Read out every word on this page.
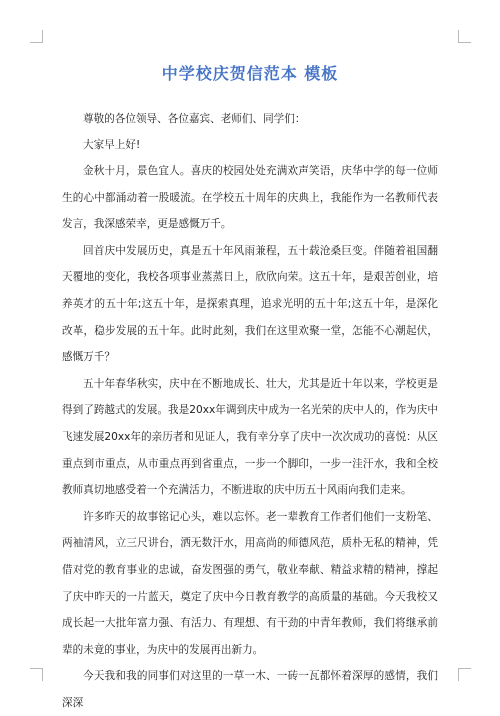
中学校庆贺信范本 模板

尊敬的各位领导、各位嘉宾、老师们、同学们：

大家早上好!

金秋十月，景色宜人。喜庆的校园处处充满欢声笑语，庆华中学的每一位师生的心中都涌动着一股暖流。在学校五十周年的庆典上，我能作为一名教师代表发言，我深感荣幸，更是感慨万千。

回首庆中发展历史，真是五十年风雨兼程，五十载沧桑巨变。伴随着祖国翻天覆地的变化，我校各项事业蒸蒸日上，欣欣向荣。这五十年，是艰苦创业，培养英才的五十年;这五十年，是探索真理，追求光明的五十年;这五十年，是深化改革，稳步发展的五十年。此时此刻，我们在这里欢聚一堂，怎能不心潮起伏，感慨万千？

五十年春华秋实，庆中在不断地成长、壮大，尤其是近十年以来，学校更是得到了跨越式的发展。我是20xx年调到庆中成为一名光荣的庆中人的，作为庆中飞速发展20xx年的亲历者和见证人，我有幸分享了庆中一次次成功的喜悦：从区重点到市重点，从市重点再到省重点，一步一个脚印，一步一洼汗水，我和全校教师真切地感受着一个充满活力，不断进取的庆中历五十风雨向我们走来。

许多昨天的故事铭记心头，难以忘怀。老一辈教育工作者们他们一支粉笔、两袖清风，立三尺讲台，洒无数汗水，用高尚的师德风范，质朴无私的精神，凭借对党的教育事业的忠诚，奋发图强的勇气，敬业奉献、精益求精的精神，撑起了庆中昨天的一片蓝天，奠定了庆中今日教育教学的高质量的基础。今天我校又成长起一大批年富力强、有活力、有理想、有干劲的中青年教师，我们将继承前辈的未竟的事业，为庆中的发展再出新力。

今天我和我的同事们对这里的一草一木、一砖一瓦都怀着深厚的感情，我们深深
